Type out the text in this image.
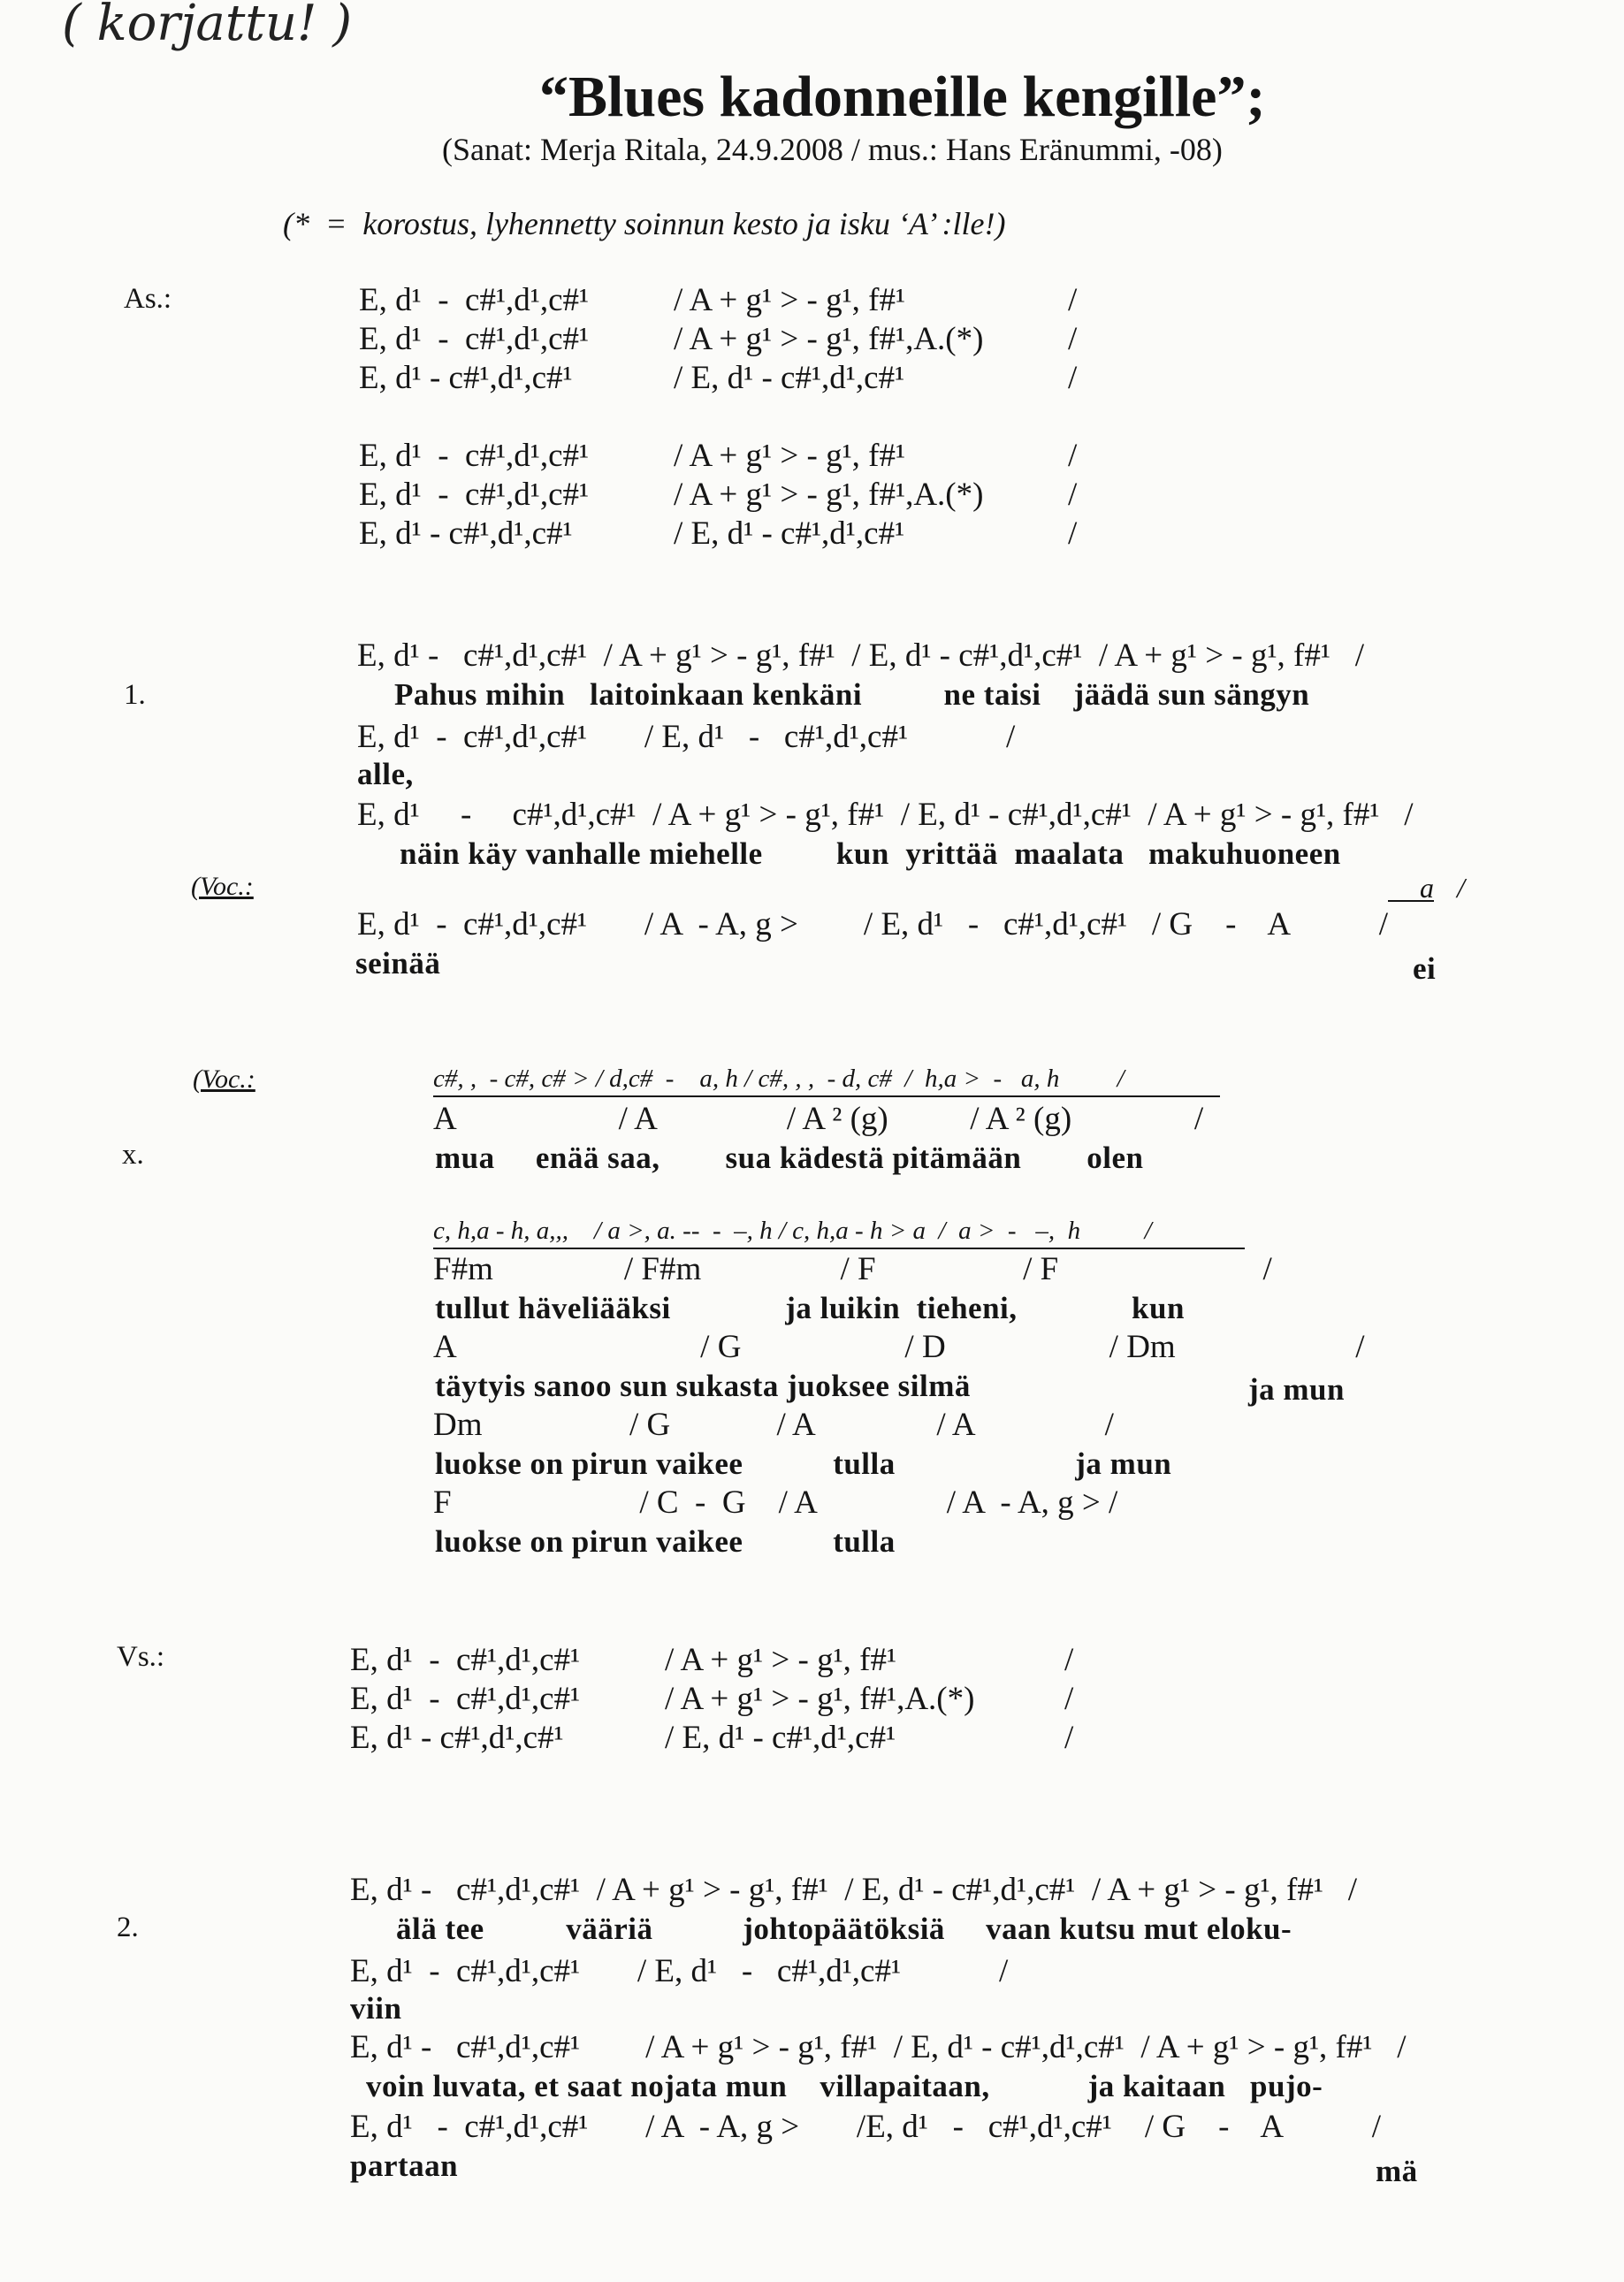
( korjattu! )
“Blues kadonneille kengille”;
(Sanat: Merja Ritala, 24.9.2008 / mus.: Hans Eränummi, -08)
(*  =  korostus, lyhennetty soinnun kesto ja isku ‘A’ :lle!)
As.:
1.
x.
Vs.:
2.
E, d¹  -  c#¹,d¹,c#¹	/ A + g¹ > - g¹, f#¹	/
E, d¹  -  c#¹,d¹,c#¹	/ A + g¹ > - g¹, f#¹,A.(*)	/
E, d¹ - c#¹,d¹,c#¹	/ E, d¹ - c#¹,d¹,c#¹	/
E, d¹  -  c#¹,d¹,c#¹	/ A + g¹ > - g¹, f#¹	/
E, d¹  -  c#¹,d¹,c#¹	/ A + g¹ > - g¹, f#¹,A.(*)	/
E, d¹ - c#¹,d¹,c#¹	/ E, d¹ - c#¹,d¹,c#¹	/
E, d¹ -   c#¹,d¹,c#¹  / A + g¹ > - g¹, f#¹  / E, d¹ - c#¹,d¹,c#¹  / A + g¹ > - g¹, f#¹   /
Pahus mihin   laitoinkaan kenkäni          ne taisi    jäädä sun sängyn
E, d¹  -  c#¹,d¹,c#¹       / E, d¹   -   c#¹,d¹,c#¹            /
alle,
E, d¹     -     c#¹,d¹,c#¹  / A + g¹ > - g¹, f#¹  / E, d¹ - c#¹,d¹,c#¹  / A + g¹ > - g¹, f#¹   /
näin käy vanhalle miehelle         kun  yrittää  maalata   makuhuoneen
(Voc.:	a /
E, d¹  -  c#¹,d¹,c#¹       / A  - A, g >        / E, d¹   -   c#¹,d¹,c#¹   / G    -    A           /
seinää	ei
(Voc.:	c#, ,  - c#, c# > / d,c#  -    a, h / c#, , ,  - d, c#  /  h,a >  -   a, h         /
A                    / A                / A ² (g)          / A ² (g)               /
mua     enää saa,        sua kädestä pitämään        olen
c, h,a - h, a,,,    / a >, a. --  -  –, h / c, h,a - h > a  /  a >  -   –,  h          /
F#m                / F#m                 / F                  / F                         /
tullut häveliääksi              ja luikin  tieheni,              kun
A                              / G                    / D                    / Dm                      /
täytyis sanoo sun sukasta juoksee silmä	ja mun
Dm                  / G             / A               / A                /
luokse on pirun vaikee           tulla                      ja mun
F                       / C  -  G    / A                / A  - A, g > /
luokse on pirun vaikee           tulla
E, d¹  -  c#¹,d¹,c#¹	/ A + g¹ > - g¹, f#¹	/
E, d¹  -  c#¹,d¹,c#¹	/ A + g¹ > - g¹, f#¹,A.(*)	/
E, d¹ - c#¹,d¹,c#¹	/ E, d¹ - c#¹,d¹,c#¹	/
E, d¹ -   c#¹,d¹,c#¹  / A + g¹ > - g¹, f#¹  / E, d¹ - c#¹,d¹,c#¹  / A + g¹ > - g¹, f#¹   /
älä tee          vääriä           johtopäätöksiä     vaan kutsu mut eloku-
E, d¹  -  c#¹,d¹,c#¹       / E, d¹   -   c#¹,d¹,c#¹            /
viin
E, d¹ -   c#¹,d¹,c#¹        / A + g¹ > - g¹, f#¹  / E, d¹ - c#¹,d¹,c#¹  / A + g¹ > - g¹, f#¹   /
voin luvata, et saat nojata mun    villapaitaan,            ja kaitaan   pujo-
E, d¹   -  c#¹,d¹,c#¹       / A  - A, g >       /E, d¹   -   c#¹,d¹,c#¹    / G    -    A           /
partaan	mä
